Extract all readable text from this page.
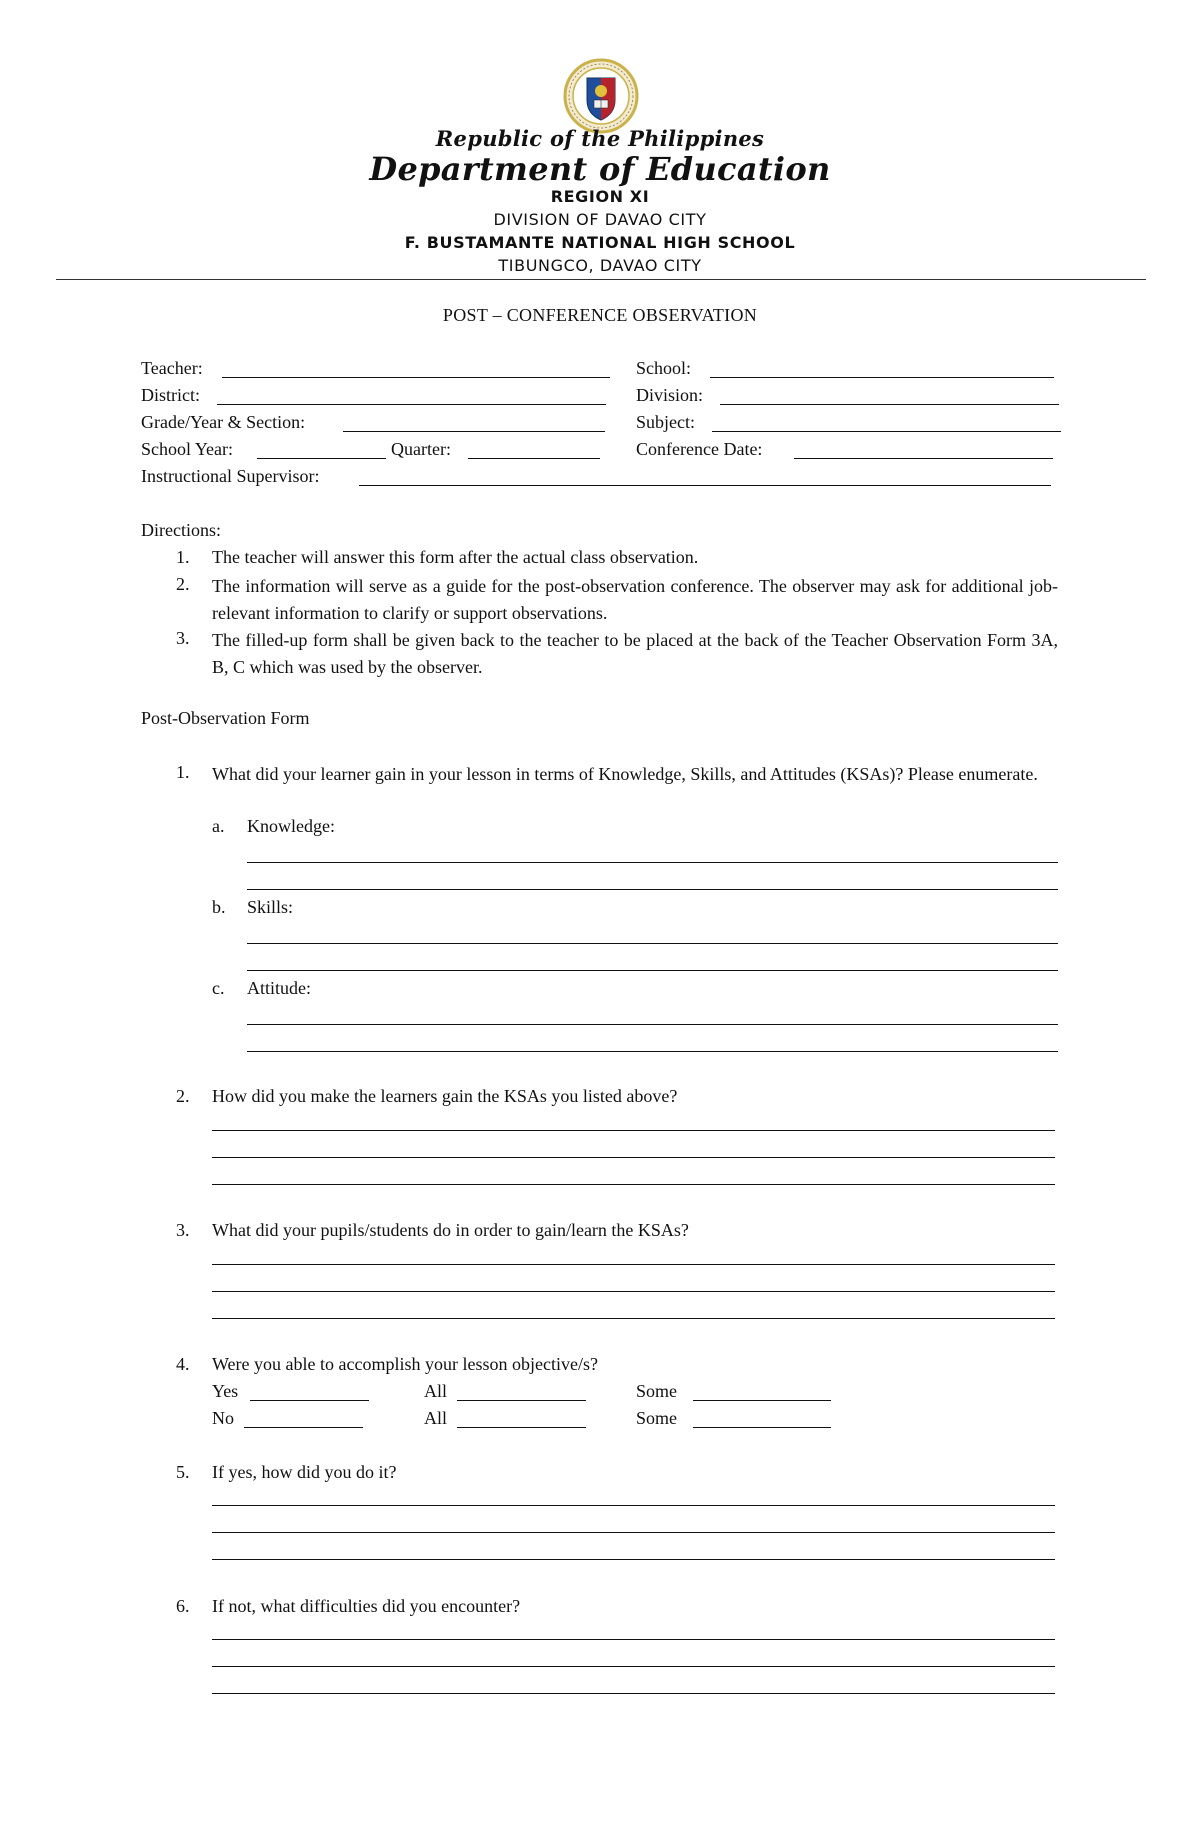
Republic of the Philippines
Department of Education
REGION XI
DIVISION OF DAVAO CITY
F. BUSTAMANTE NATIONAL HIGH SCHOOL
TIBUNGCO, DAVAO CITY
POST – CONFERENCE OBSERVATION
Teacher:	School:
District:	Division:
Grade/Year & Section:	Subject:
School Year:	Quarter:	Conference Date:
Instructional Supervisor:
Directions:
1. The teacher will answer this form after the actual class observation.
2. The information will serve as a guide for the post-observation conference. The observer may ask for additional job-relevant information to clarify or support observations.
3. The filled-up form shall be given back to the teacher to be placed at the back of the Teacher Observation Form 3A, B, C which was used by the observer.
Post-Observation Form
1. What did your learner gain in your lesson in terms of Knowledge, Skills, and Attitudes (KSAs)? Please enumerate.
a. Knowledge:
b. Skills:
c. Attitude:
2. How did you make the learners gain the KSAs you listed above?
3. What did your pupils/students do in order to gain/learn the KSAs?
4. Were you able to accomplish your lesson objective/s?
Yes	All	Some
No	All	Some
5. If yes, how did you do it?
6. If not, what difficulties did you encounter?
